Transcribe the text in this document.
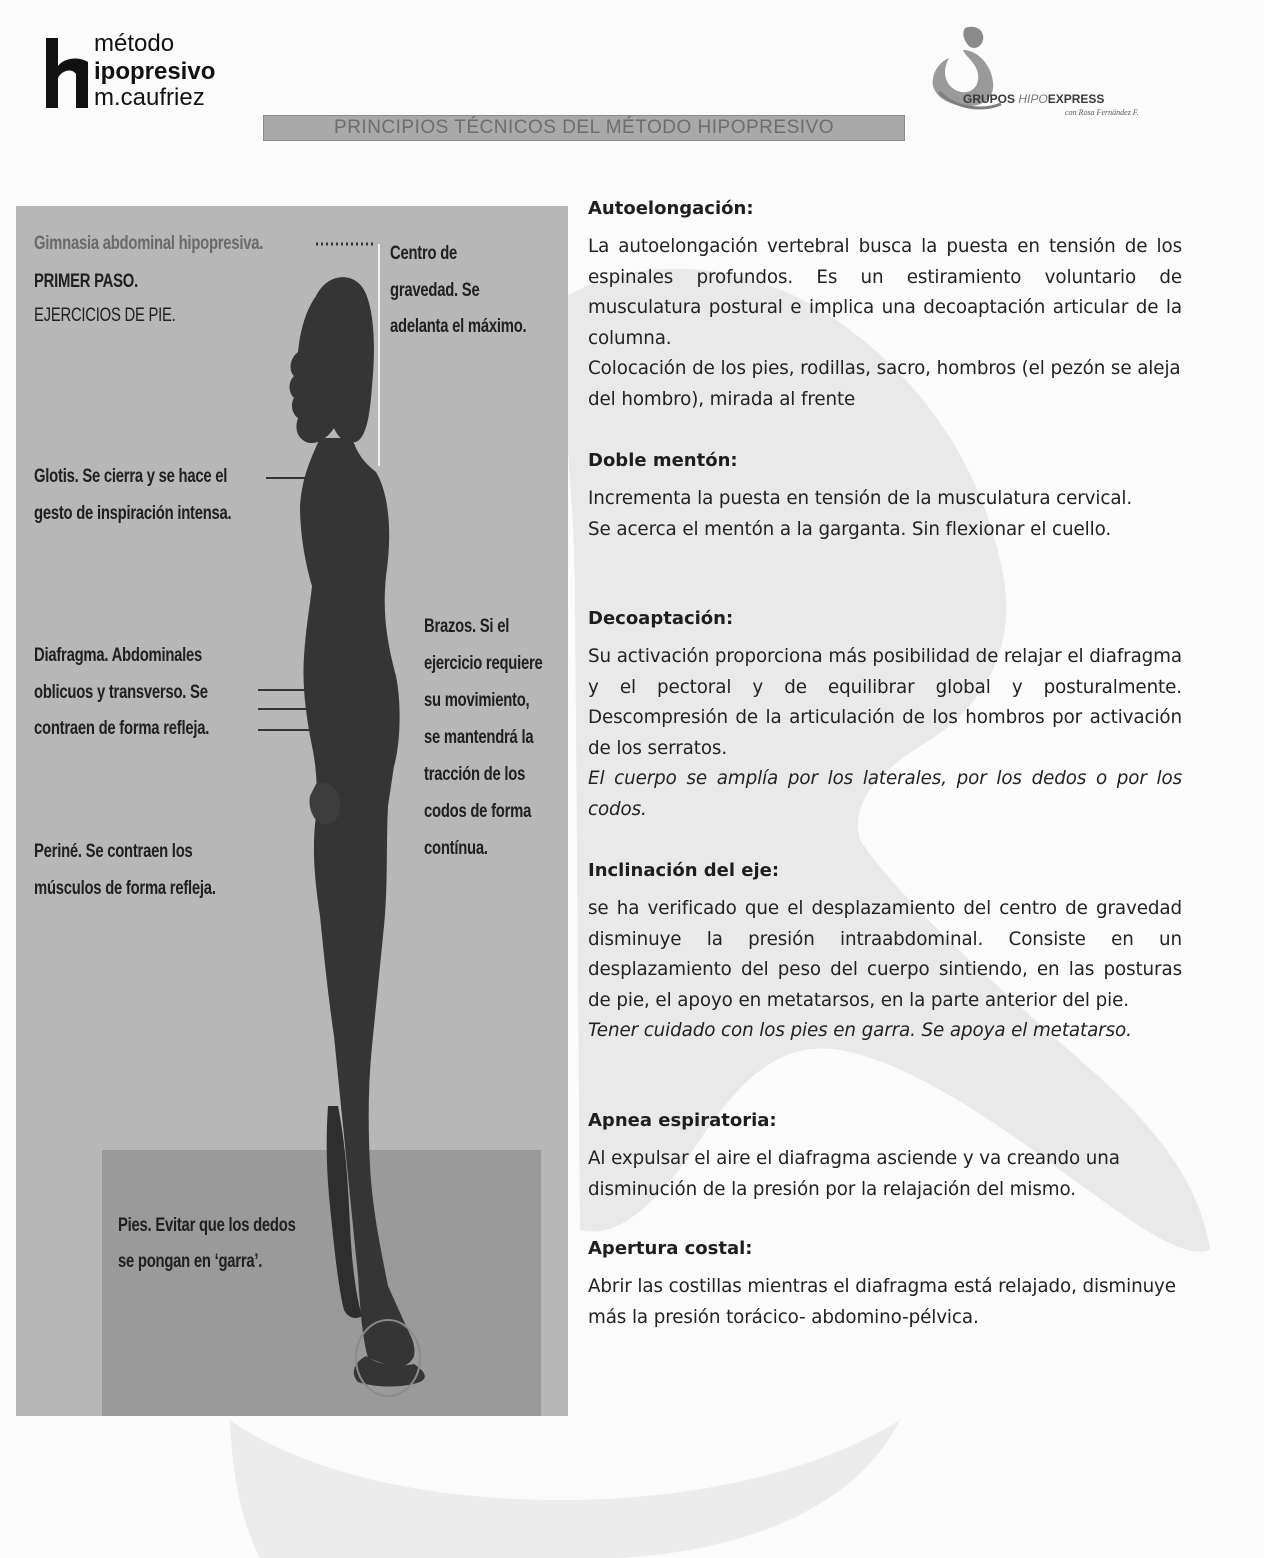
método
ipopresivo
m.caufriez	GRUPOS HIPOEXPRESS
con Rosa Fernández F.
PRINCIPIOS TÉCNICOS DEL MÉTODO HIPOPRESIVO
Gimnasia abdominal hipopresiva.
PRIMER PASO.
EJERCICIOS DE PIE.
Centro de
gravedad. Se
adelanta el máximo.
Glotis. Se cierra y se hace el
gesto de inspiración intensa.
Diafragma. Abdominales
oblicuos y transverso. Se
contraen de forma refleja.
Brazos. Si el
ejercicio requiere
su movimiento,
se mantendrá la
tracción de los
codos de forma
contínua.
Periné. Se contraen los
músculos de forma refleja.
Pies. Evitar que los dedos
se pongan en ‘garra’.
Autoelongación:

La autoelongación vertebral busca la puesta en tensión de los espinales profundos. Es un estiramiento voluntario de musculatura postural e implica una decoaptación articular de la columna.

Colocación de los pies, rodillas, sacro, hombros (el pezón se aleja del hombro), mirada al frente

Doble mentón:

Incrementa la puesta en tensión de la musculatura cervical.

Se acerca el mentón a la garganta. Sin flexionar el cuello.

Decoaptación:

Su activación proporciona más posibilidad de relajar el diafragma y el pectoral y de equilibrar global y posturalmente. Descompresión de la articulación de los hombros por activación de los serratos.

El cuerpo se amplía por los laterales, por los dedos o por los codos.

Inclinación del eje:

se ha verificado que el desplazamiento del centro de gravedad disminuye la presión intraabdominal. Consiste en un desplazamiento del peso del cuerpo sintiendo, en las posturas de pie, el apoyo en metatarsos, en la parte anterior del pie.

Tener cuidado con los pies en garra. Se apoya el metatarso.

Apnea espiratoria:

Al expulsar el aire el diafragma asciende y va creando una disminución de la presión por la relajación del mismo.

Apertura costal:

Abrir las costillas mientras el diafragma está relajado, disminuye más la presión torácico- abdomino-pélvica.
